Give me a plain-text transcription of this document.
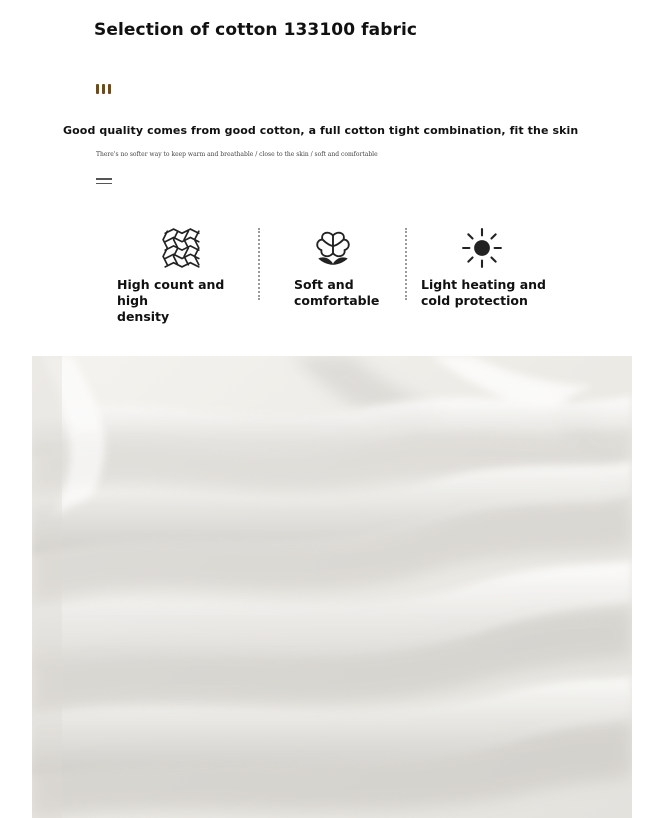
Selection of cotton 133100 fabric
Good quality comes from good cotton, a full cotton tight combination, fit the skin
There's no softer way to keep warm and breathable / close to the skin / soft and comfortable
High count and high
density
Soft and
comfortable
Light heating and
cold protection
